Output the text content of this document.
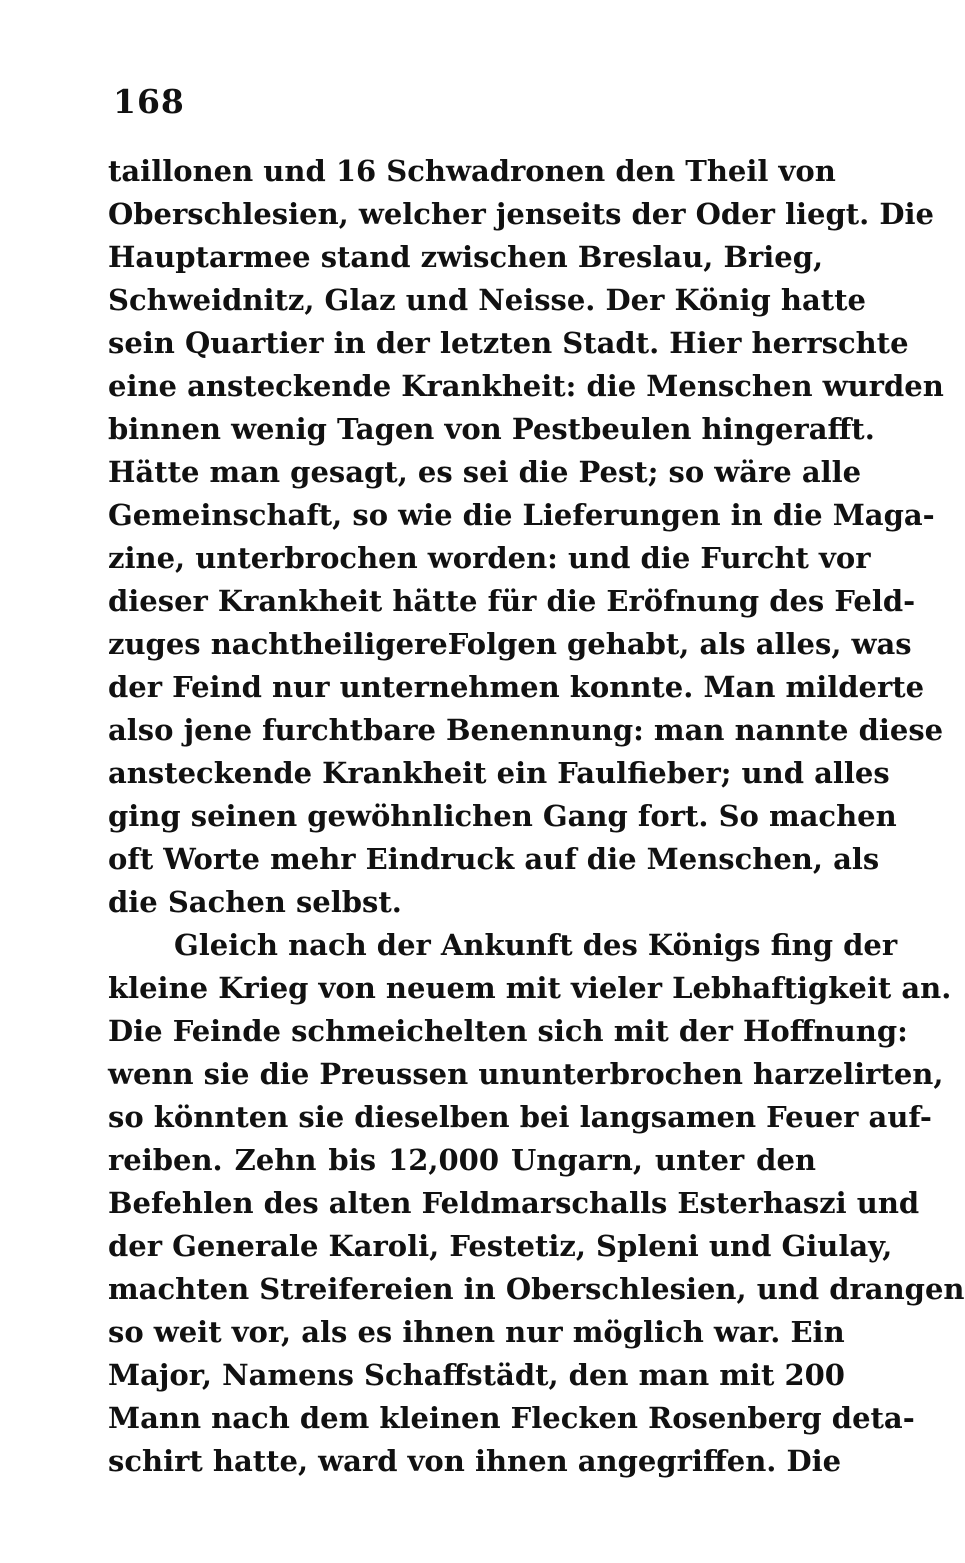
168
taillonen und 16 Schwadronen den Theil von
Oberschlesien, welcher jenseits der Oder liegt. Die
Hauptarmee stand zwischen Breslau, Brieg,
Schweidnitz, Glaz und Neisse. Der König hatte
sein Quartier in der letzten Stadt. Hier herrschte
eine ansteckende Krankheit: die Menschen wurden
binnen wenig Tagen von Pestbeulen hingerafft.
Hätte man gesagt, es sei die Pest; so wäre alle
Gemeinschaft, so wie die Lieferungen in die Maga-
zine, unterbrochen worden: und die Furcht vor
dieser Krankheit hätte für die Eröfnung des Feld-
zuges nachtheiligereFolgen gehabt, als alles, was
der Feind nur unternehmen konnte. Man milderte
also jene furchtbare Benennung: man nannte diese
ansteckende Krankheit ein Faulfieber; und alles
ging seinen gewöhnlichen Gang fort. So machen
oft Worte mehr Eindruck auf die Menschen, als
die Sachen selbst.
Gleich nach der Ankunft des Königs fing der
kleine Krieg von neuem mit vieler Lebhaftigkeit an.
Die Feinde schmeichelten sich mit der Hoffnung:
wenn sie die Preussen ununterbrochen harzelirten,
so könnten sie dieselben bei langsamen Feuer auf-
reiben. Zehn bis 12,000 Ungarn, unter den
Befehlen des alten Feldmarschalls Esterhaszi und
der Generale Karoli, Festetiz, Spleni und Giulay,
machten Streifereien in Oberschlesien, und drangen
so weit vor, als es ihnen nur möglich war. Ein
Major, Namens Schaffstädt, den man mit 200
Mann nach dem kleinen Flecken Rosenberg deta-
schirt hatte, ward von ihnen angegriffen. Die
